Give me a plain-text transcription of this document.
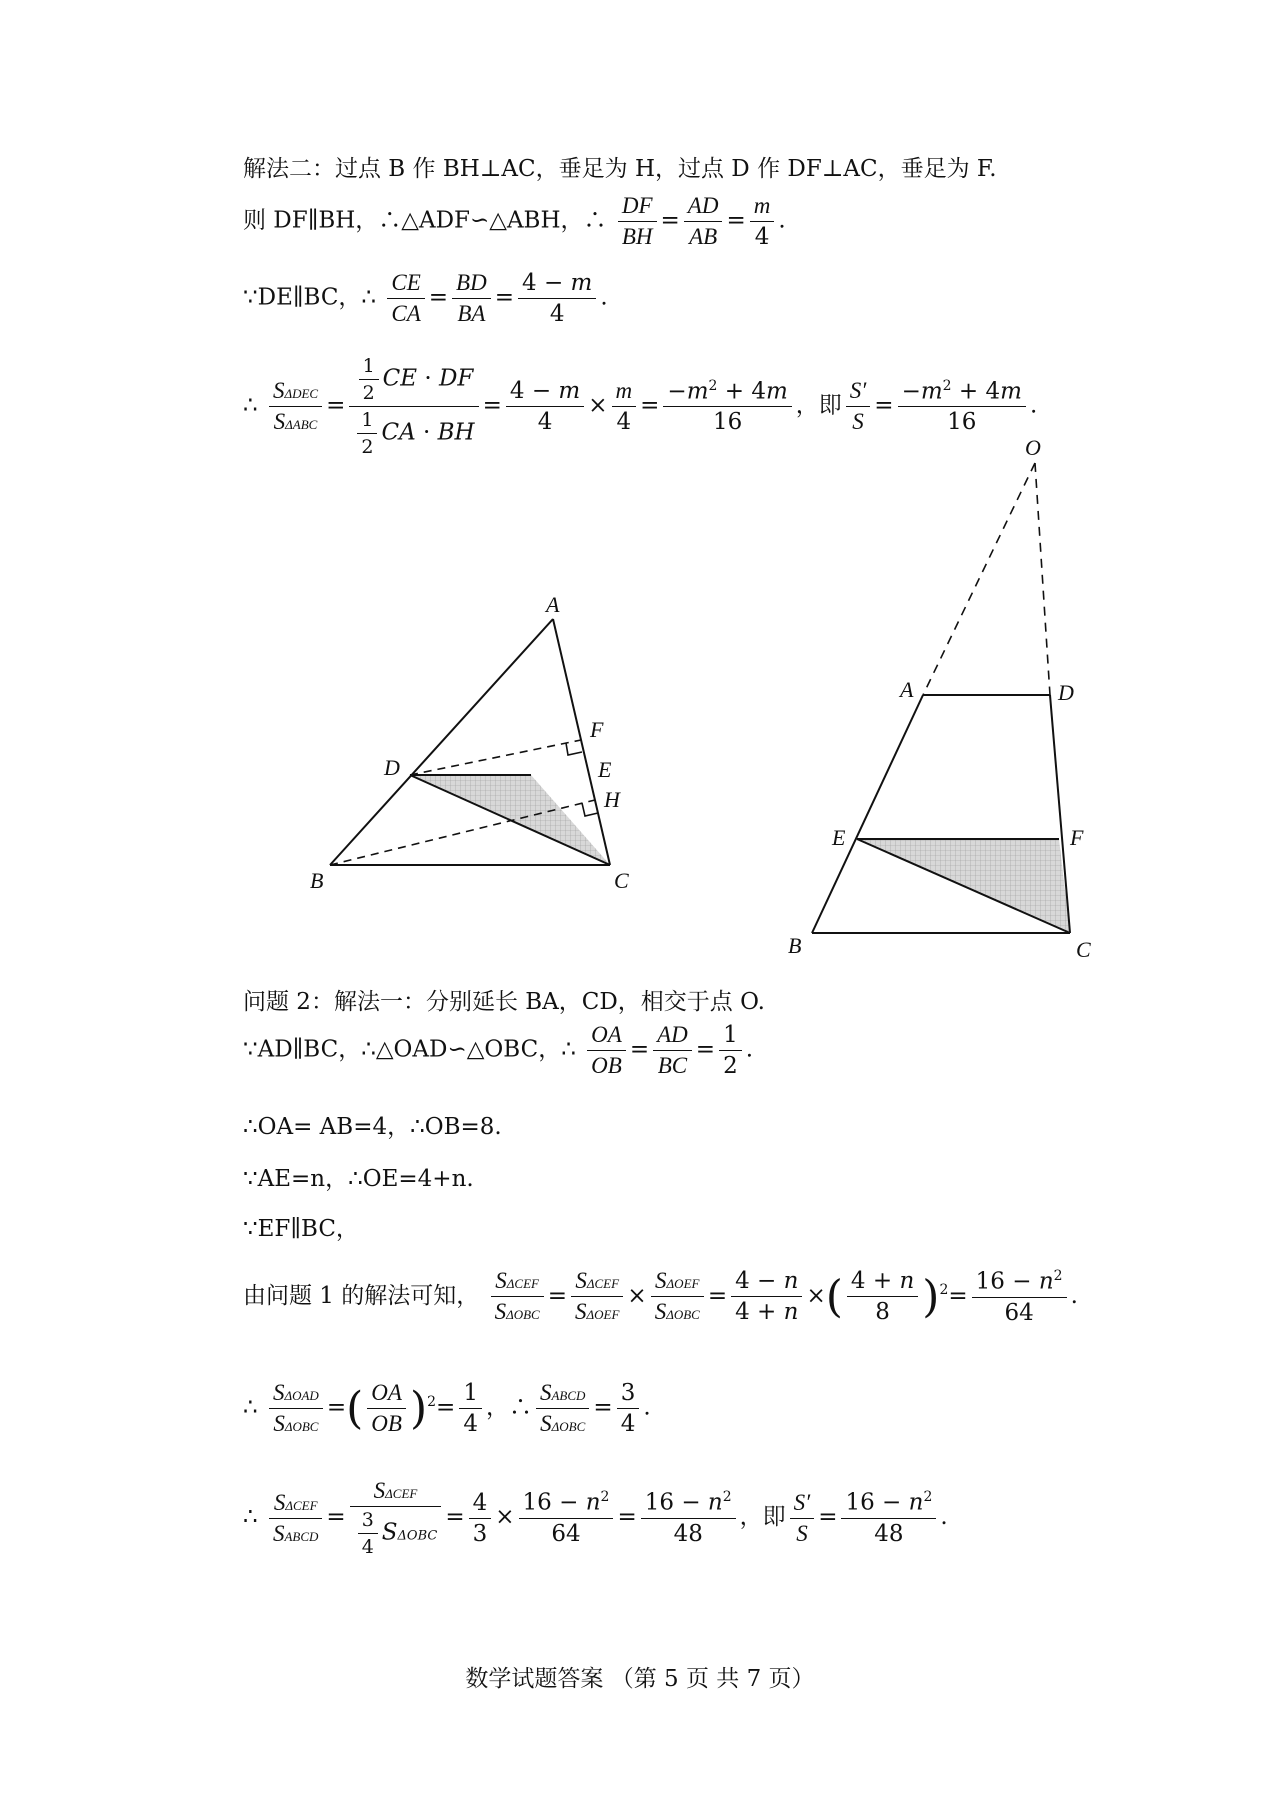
解法二：过点 B 作 BH⊥AC，垂足为 H，过点 D 作 DF⊥AC，垂足为 F.
则 DF∥BH，∴△ADF∽△ABH，∴ $\frac{DF}{BH} = \frac{AD}{AB} = \frac{m}{4}$ .
∵DE∥BC，∴ $\frac{CE}{CA} = \frac{BD}{BA} = \frac{4 - m}{4}$ .
∴ $\frac{\text{SΔDEC}}{\text{SΔABC}} = \frac{\frac{1}{2} CE \cdot DF}{\frac{1}{2} CA \cdot BH} = \frac{4 - m}{4} \times \frac{m}{4} = \frac{-m^2 + 4m}{16}$ ，即 $\frac{S'}{S} = \frac{-m^2 + 4m}{16}$ .
A
F
D	E
H
B	C
O
A	D
E	F
B	C
问题 2：解法一：分别延长 BA，CD，相交于点 O.
∵AD∥BC，∴△OAD∽△OBC，∴ $\frac{OA}{OB} = \frac{AD}{BC} = \frac{1}{2}$ .
∴OA= AB=4，∴OB=8.
∵AE=n，∴OE=4+n.
∵EF∥BC，
由问题 1 的解法可知， $\frac{\text{SΔCEF}}{\text{SΔOBC}} = \frac{\text{SΔCEF}}{\text{SΔOEF}} \times \frac{\text{SΔOEF}}{\text{SΔOBC}} = \frac{4 - n}{4 + n}$ ×( $\frac{4 + n}{8} )^2= \frac{16 - n^2}{64}$ .
∴ $\frac{\text{SΔOAD}}{\text{SΔOBC}}$ =( $\frac{OA}{OB} )^2= \frac{1}{4}$ ，∴ $\frac{\text{SABCD}}{\text{SΔOBC}} = \frac{3}{4}$ .
∴ $\frac{\text{SΔCEF}}{\text{SABCD}} = \frac{\text{SΔCEF}}{\frac{3}{4} S\Delta OBC} = \frac{4}{3} \times \frac{16 - n^2}{64} = \frac{16 - n^2}{48}$ ，即 $\frac{S'}{S} = \frac{16 - n^2}{48}$ .
数学试题答案 （第 5 页 共 7 页）
